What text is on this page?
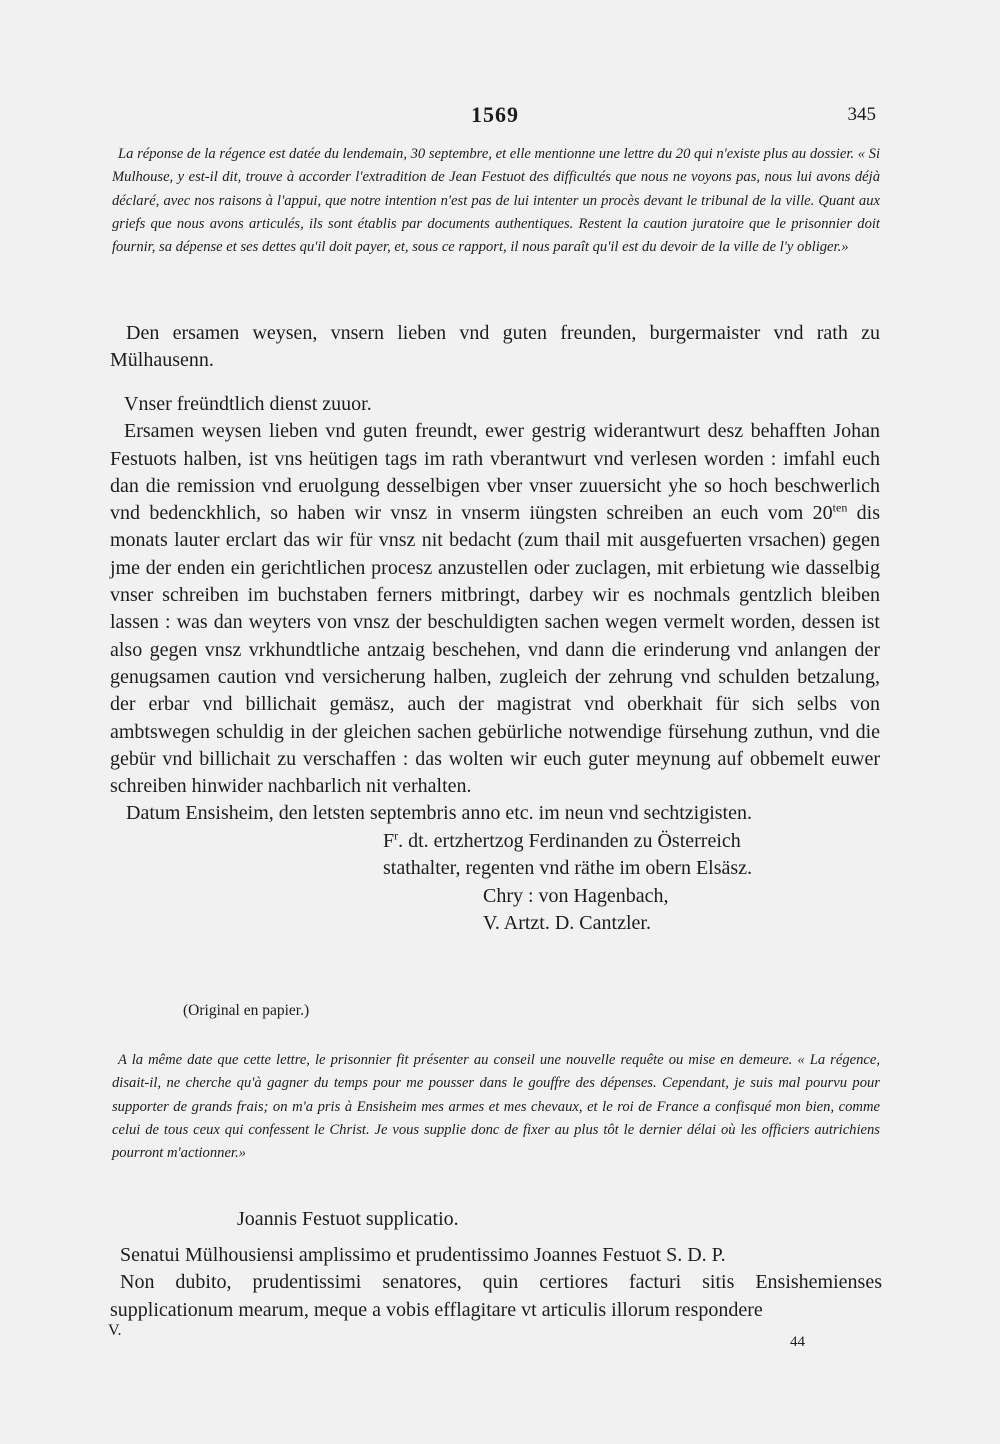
1569	345

La réponse de la régence est datée du lendemain, 30 septembre, et elle mentionne une lettre du 20 qui n'existe plus au dossier. « Si Mulhouse, y est-il dit, trouve à accorder l'extradition de Jean Festuot des difficultés que nous ne voyons pas, nous lui avons déjà déclaré, avec nos raisons à l'appui, que notre intention n'est pas de lui intenter un procès devant le tribunal de la ville. Quant aux griefs que nous avons articulés, ils sont établis par documents authentiques. Restent la caution juratoire que le prisonnier doit fournir, sa dépense et ses dettes qu'il doit payer, et, sous ce rapport, il nous paraît qu'il est du devoir de la ville de l'y obliger.»

Den ersamen weysen, vnsern lieben vnd guten freunden, burgermaister vnd rath zu Mülhausenn.

Vnser freündtlich dienst zuuor.

Ersamen weysen lieben vnd guten freundt, ewer gestrig widerantwurt desz behafften Johan Festuots halben, ist vns heütigen tags im rath vberantwurt vnd verlesen worden : imfahl euch dan die remission vnd eruolgung desselbigen vber vnser zuuersicht yhe so hoch beschwerlich vnd bedenckhlich, so haben wir vnsz in vnserm iüngsten schreiben an euch vom $20^{ten}$ dis monats lauter erclart das wir für vnsz nit bedacht (zum thail mit ausgefuerten vrsachen) gegen jme der enden ein gerichtlichen procesz anzustellen oder zuclagen, mit erbietung wie dasselbig vnser schreiben im buchstaben ferners mitbringt, darbey wir es nochmals gentzlich bleiben lassen : was dan weyters von vnsz der beschuldigten sachen wegen vermelt worden, dessen ist also gegen vnsz vrkhundtliche antzaig beschehen, vnd dann die erinderung vnd anlangen der genugsamen caution vnd versicherung halben, zugleich der zehrung vnd schulden betzalung, der erbar vnd billichait gemäsz, auch der magistrat vnd oberkhait für sich selbs von ambtswegen schuldig in der gleichen sachen gebürliche notwendige fürsehung zuthun, vnd die gebür vnd billichait zu verschaffen : das wolten wir euch guter meynung auf obbemelt euwer schreiben hinwider nachbarlich nit verhalten.

Datum Ensisheim, den letsten septembris anno etc. im neun vnd sechtzigisten.

$F^r$. dt. ertzhertzog Ferdinanden zu Österreich
stathalter, regenten vnd räthe im obern Elsäsz.
Chry : von Hagenbach,
V. Artzt. D. Cantzler.
(Original en papier.)

A la même date que cette lettre, le prisonnier fit présenter au conseil une nouvelle requête ou mise en demeure. « La régence, disait-il, ne cherche qu'à gagner du temps pour me pousser dans le gouffre des dépenses. Cependant, je suis mal pourvu pour supporter de grands frais; on m'a pris à Ensisheim mes armes et mes chevaux, et le roi de France a confisqué mon bien, comme celui de tous ceux qui confessent le Christ. Je vous supplie donc de fixer au plus tôt le dernier délai où les officiers autrichiens pourront m'actionner.»

Joannis Festuot supplicatio.

Senatui Mülhousiensi amplissimo et prudentissimo Joannes Festuot S. D. P.

Non dubito, prudentissimi senatores, quin certiores facturi sitis Ensishemienses supplicationum mearum, meque a vobis efflagitare vt articulis illorum respondere

V.
44
